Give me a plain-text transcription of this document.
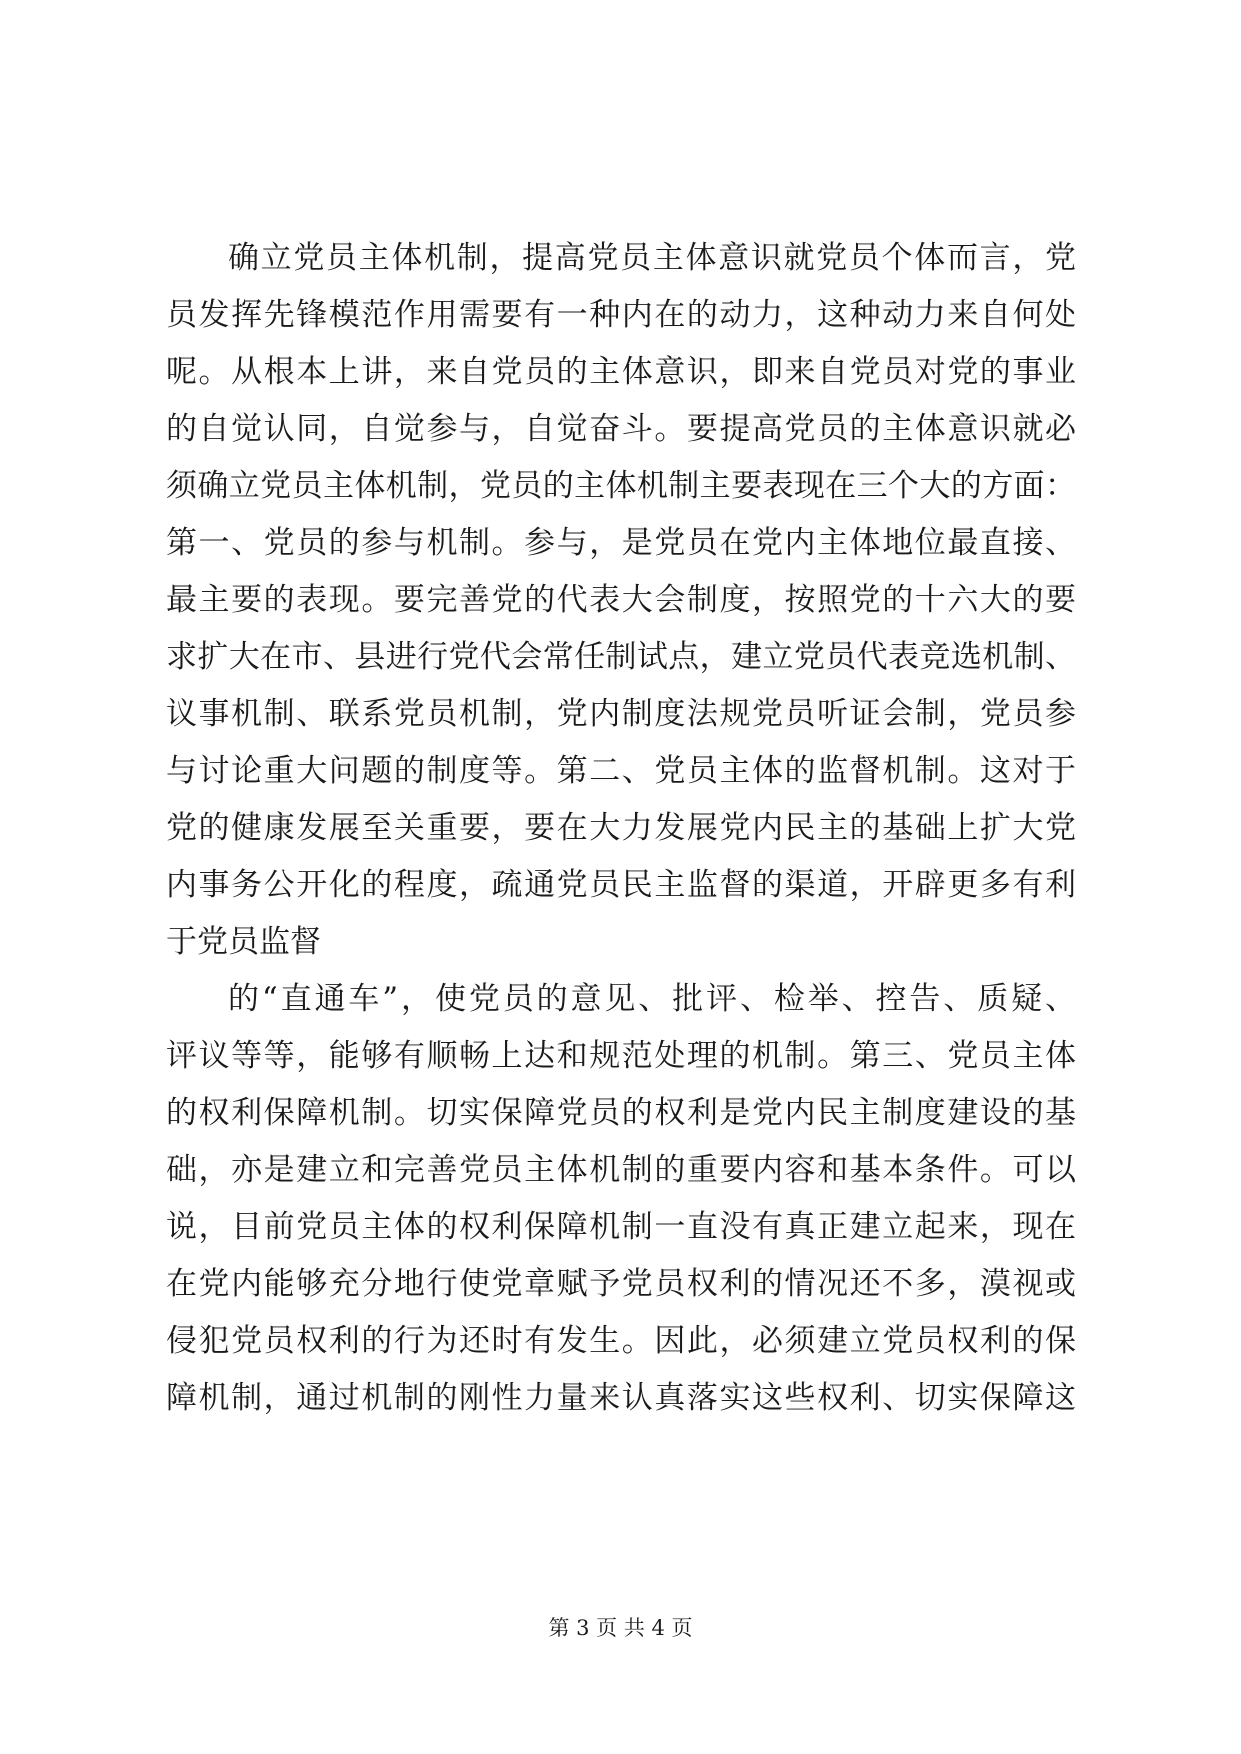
确立党员主体机制，提高党员主体意识就党员个体而言，党
员发挥先锋模范作用需要有一种内在的动力，这种动力来自何处
呢。从根本上讲，来自党员的主体意识，即来自党员对党的事业
的自觉认同，自觉参与，自觉奋斗。要提高党员的主体意识就必
须确立党员主体机制，党员的主体机制主要表现在三个大的方面：
第一、党员的参与机制。参与，是党员在党内主体地位最直接、
最主要的表现。要完善党的代表大会制度，按照党的十六大的要
求扩大在市、县进行党代会常任制试点，建立党员代表竞选机制、
议事机制、联系党员机制，党内制度法规党员听证会制，党员参
与讨论重大问题的制度等。第二、党员主体的监督机制。这对于
党的健康发展至关重要，要在大力发展党内民主的基础上扩大党
内事务公开化的程度，疏通党员民主监督的渠道，开辟更多有利
于党员监督
的“直通车”，使党员的意见、批评、检举、控告、质疑、
评议等等，能够有顺畅上达和规范处理的机制。第三、党员主体
的权利保障机制。切实保障党员的权利是党内民主制度建设的基
础，亦是建立和完善党员主体机制的重要内容和基本条件。可以
说，目前党员主体的权利保障机制一直没有真正建立起来，现在
在党内能够充分地行使党章赋予党员权利的情况还不多，漠视或
侵犯党员权利的行为还时有发生。因此，必须建立党员权利的保
障机制，通过机制的刚性力量来认真落实这些权利、切实保障这
第 3 页 共 4 页
